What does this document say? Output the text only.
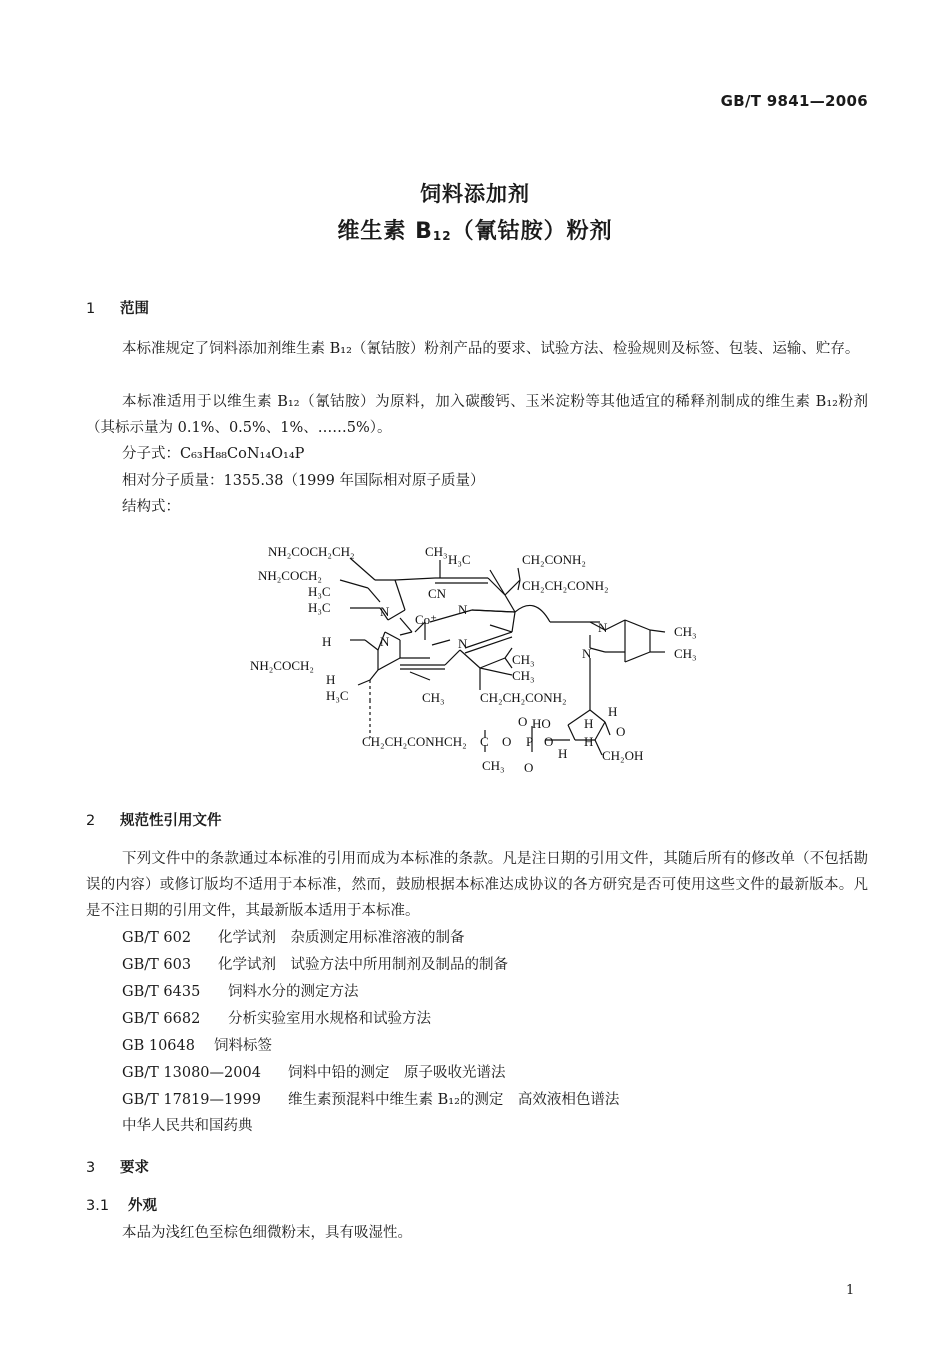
GB/T 9841—2006
饲料添加剂
维生素 $B_{12}$（氰钴胺）粉剂
1 范围
本标准规定了饲料添加剂维生素 B₁₂（氰钴胺）粉剂产品的要求、试验方法、检验规则及标签、包装、运输、贮存。
本标准适用于以维生素 B₁₂（氰钴胺）为原料，加入碳酸钙、玉米淀粉等其他适宜的稀释剂制成的维生素 B₁₂粉剂（其标示量为 0.1%、0.5%、1%、……5%）。
分子式：C₆₃H₈₈CoN₁₄O₁₄P
相对分子质量：1355.38（1999 年国际相对原子质量）
结构式：
NH₂COCH₂CH₂
NH₂COCH₂
H₃C
H₃C
CH₃
H₃C	CH₂CONH₂
CH₂CH₂CONH₂
CN
Co⁺
N	N
N	N
H
NH₂COCH₂
H
H₃C	CH₃
CH₃
CH₃
CH₂CH₂CONH₂
CH₃
CH₃
N
N
H
O HO	H
H
O
H	CH₂OH
CH₂CH₂CONHCH₂ C O P O
CH₃ O
2 规范性引用文件
下列文件中的条款通过本标准的引用而成为本标准的条款。凡是注日期的引用文件，其随后所有的修改单（不包括勘误的内容）或修订版均不适用于本标准，然而，鼓励根据本标准达成协议的各方研究是否可使用这些文件的最新版本。凡是不注日期的引用文件，其最新版本适用于本标准。
GB/T 602 化学试剂　杂质测定用标准溶液的制备
GB/T 603 化学试剂　试验方法中所用制剂及制品的制备
GB/T 6435 饲料水分的测定方法
GB/T 6682 分析实验室用水规格和试验方法
GB 10648 饲料标签
GB/T 13080—2004 饲料中铅的测定　原子吸收光谱法
GB/T 17819—1999 维生素预混料中维生素 B₁₂的测定　高效液相色谱法
中华人民共和国药典
3 要求
3.1 外观
本品为浅红色至棕色细微粉末，具有吸湿性。
1
